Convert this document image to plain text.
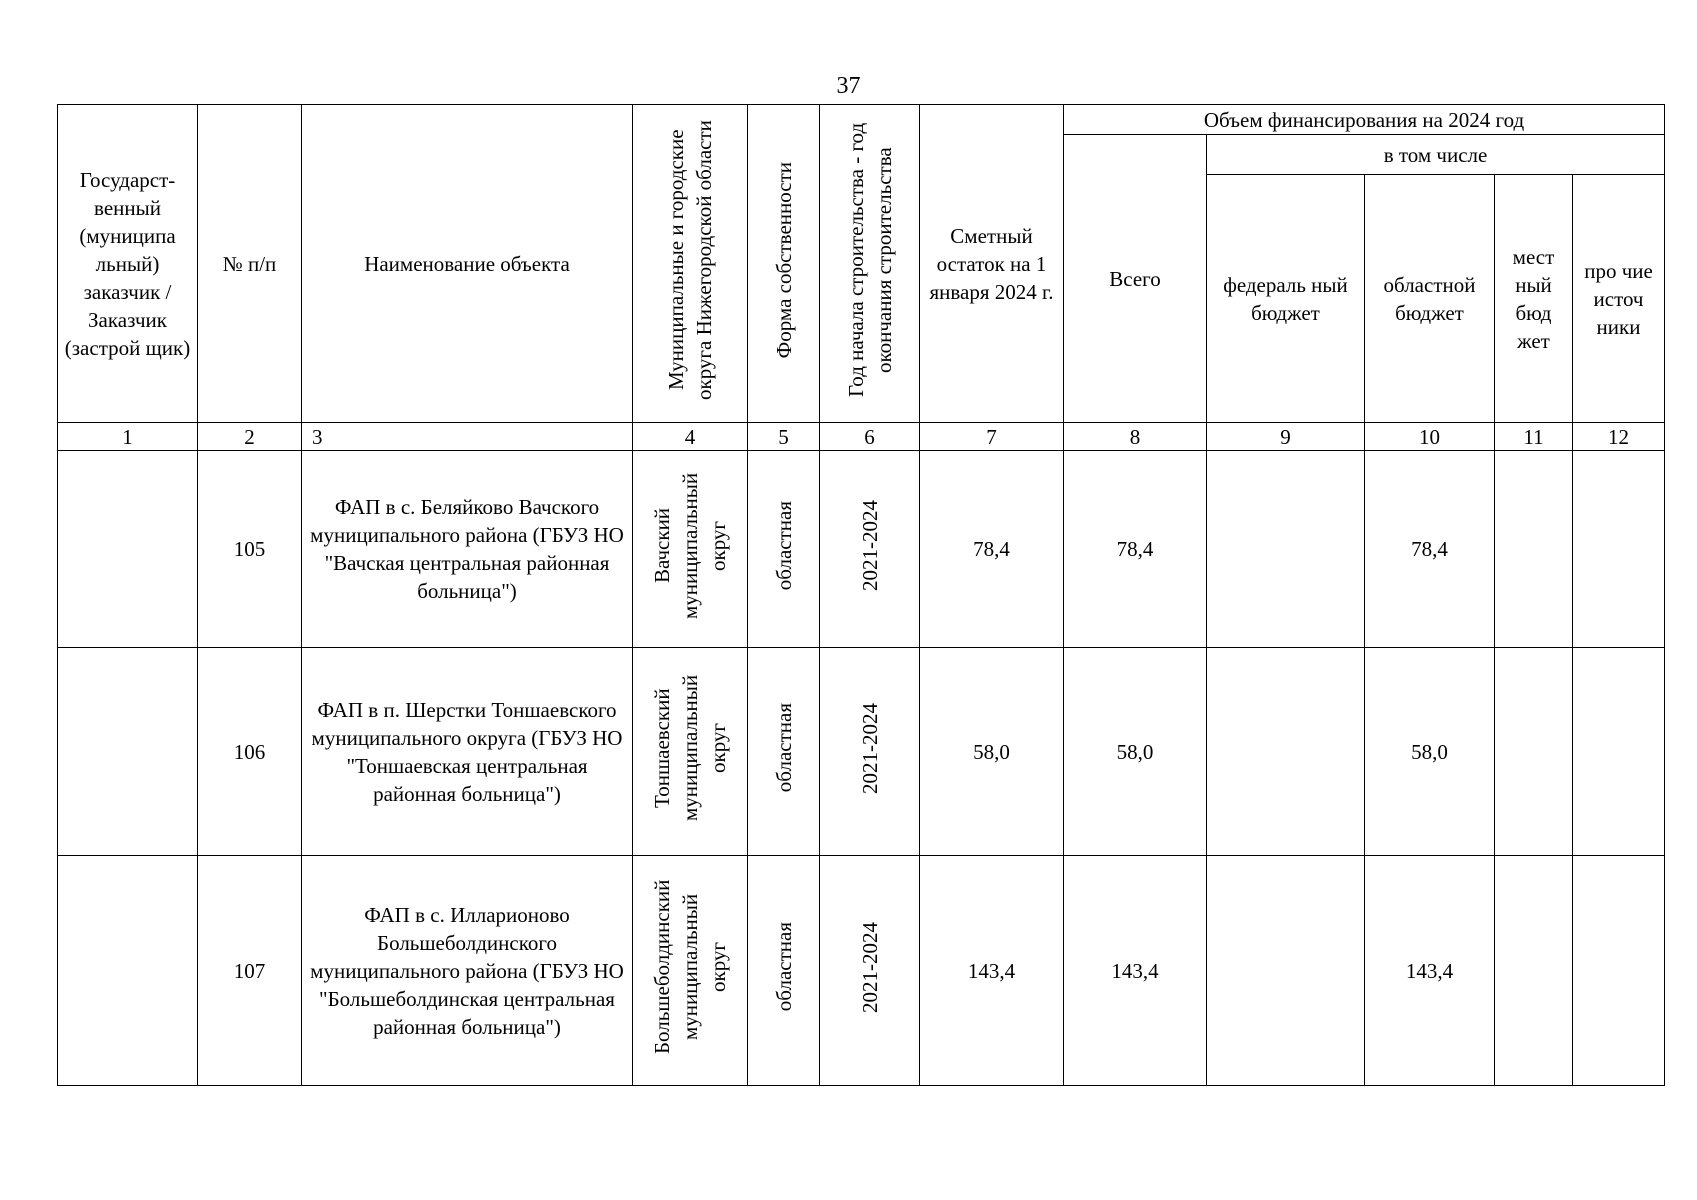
37
Государст-венный (муниципа льный) заказчик / Заказчик (застрой щик)	№ п/п	Наименование объекта	Муниципальные и городские округа Нижегородской области	Форма собственности	Год начала строительства - год окончания строительства	Сметный остаток на 1 января 2024 г.	Объем финансирования на 2024 год				
							Всего	в том числе			
								федераль ный бюджет	областной бюджет	мест ный бюд жет	про чие источ ники
1	2	3	4	5	6	7	8	9	10	11	12
	105	ФАП в с. Беляйково Вачского муниципального района (ГБУЗ НО "Вачская центральная районная больница")	Вачский муниципальный округ	областная	2021-2024	78,4	78,4		78,4		
	106	ФАП в п. Шерстки Тоншаевского муниципального округа (ГБУЗ НО "Тоншаевская центральная районная больница")	Тоншаевский муниципальный округ	областная	2021-2024	58,0	58,0		58,0		
	107	ФАП в с. Илларионово Большеболдинского муниципального района (ГБУЗ НО "Большеболдинская центральная районная больница")	Большеболдинский муниципальный округ	областная	2021-2024	143,4	143,4		143,4		
